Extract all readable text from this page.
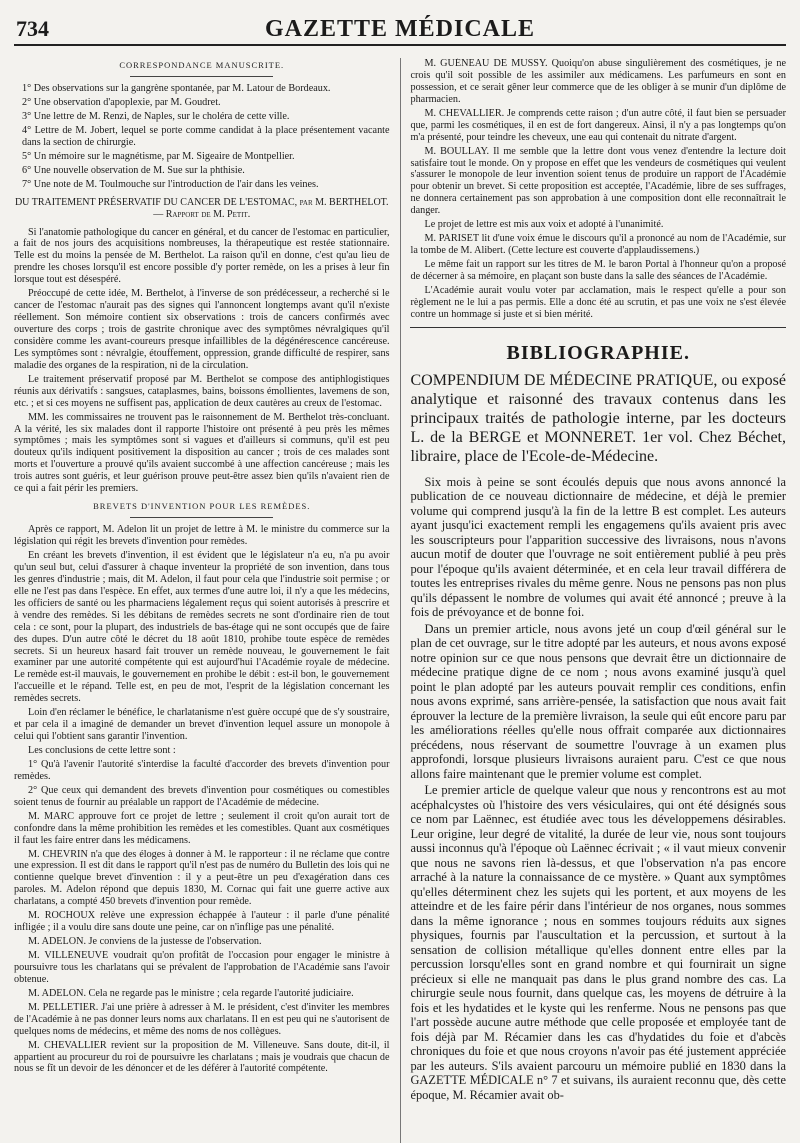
734	GAZETTE MÉDICALE
CORRESPONDANCE MANUSCRITE.

1° Des observations sur la gangrène spontanée, par M. Latour de Bordeaux.

2° Une observation d'apoplexie, par M. Goudret.

3° Une lettre de M. Renzi, de Naples, sur le choléra de cette ville.

4° Lettre de M. Jobert, lequel se porte comme candidat à la place présentement vacante dans la section de chirurgie.

5° Un mémoire sur le magnétisme, par M. Sigeaire de Montpellier.

6° Une nouvelle observation de M. Sue sur la phthisie.

7° Une note de M. Toulmouche sur l'introduction de l'air dans les veines.

DU TRAITEMENT PRÉSERVATIF DU CANCER DE L'ESTOMAC, par M. BERTHELOT. — Rapport de M. Petit.

Si l'anatomie pathologique du cancer en général, et du cancer de l'estomac en particulier, a fait de nos jours des acquisitions nombreuses, la thérapeutique est restée stationnaire. Telle est du moins la pensée de M. Berthelot. La raison qu'il en donne, c'est qu'au lieu de prendre les choses lorsqu'il est encore possible d'y porter remède, on les a prises à leur fin lorsque tout est désespéré.

Préoccupé de cette idée, M. Berthelot, à l'inverse de son prédécesseur, a recherché si le cancer de l'estomac n'aurait pas des signes qui l'annoncent longtemps avant qu'il n'existe réellement. Son mémoire contient six observations : trois de cancers confirmés avec ouverture des corps ; trois de gastrite chronique avec des symptômes névralgiques qu'il considère comme les avant-coureurs presque infaillibles de la dégénérescence cancéreuse. Les symptômes sont : névralgie, étouffement, oppression, grande difficulté de respirer, sans maladie des organes de la respiration, ni de la circulation.

Le traitement préservatif proposé par M. Berthelot se compose des antiphlogistiques réunis aux dérivatifs : sangsues, cataplasmes, bains, boissons émollientes, lavemens de son, etc. ; et si ces moyens ne suffisent pas, application de deux cautères au creux de l'estomac.

MM. les commissaires ne trouvent pas le raisonnement de M. Berthelot très-concluant. A la vérité, les six malades dont il rapporte l'histoire ont présenté à peu près les mêmes symptômes ; mais les symptômes sont si vagues et d'ailleurs si communs, qu'il est peu douteux qu'ils indiquent positivement la disposition au cancer ; trois de ces malades sont morts et l'ouverture a prouvé qu'ils avaient succombé à une affection cancéreuse ; mais les trois autres sont guéris, et leur guérison prouve peut-être assez bien qu'ils n'avaient rien de ce qui a fait périr les premiers.

BREVETS D'INVENTION POUR LES REMÈDES.

Après ce rapport, M. Adelon lit un projet de lettre à M. le ministre du commerce sur la législation qui régit les brevets d'invention pour remèdes.

En créant les brevets d'invention, il est évident que le législateur n'a eu, n'a pu avoir qu'un seul but, celui d'assurer à chaque inventeur la propriété de son invention, dans tous les genres d'industrie ; mais, dit M. Adelon, il faut pour cela que l'industrie soit permise ; or elle ne l'est pas dans l'espèce. En effet, aux termes d'une autre loi, il n'y a que les médecins, les officiers de santé ou les pharmaciens légalement reçus qui soient autorisés à prescrire et à vendre des remèdes. Si les débitans de remèdes secrets ne sont d'ordinaire rien de tout cela : ce sont, pour la plupart, des industriels de bas-étage qui ne sont occupés que de faire des dupes. D'un autre côté le décret du 18 août 1810, prohibe toute espèce de remèdes secrets. Si un heureux hasard fait trouver un remède nouveau, le gouvernement le fait examiner par une autorité compétente qui est aujourd'hui l'Académie royale de médecine. Le remède est-il mauvais, le gouvernement en prohibe le débit : est-il bon, le gouvernement l'accueille et le répand. Telle est, en peu de mot, l'esprit de la législation concernant les remèdes secrets.

Loin d'en réclamer le bénéfice, le charlatanisme n'est guère occupé que de s'y soustraire, et par cela il a imaginé de demander un brevet d'invention lequel assure un monopole à celui qui l'obtient sans garantir l'invention.

Les conclusions de cette lettre sont :

1° Qu'à l'avenir l'autorité s'interdise la faculté d'accorder des brevets d'invention pour remèdes.

2° Que ceux qui demandent des brevets d'invention pour cosmétiques ou comestibles soient tenus de fournir au préalable un rapport de l'Académie de médecine.

M. MARC approuve fort ce projet de lettre ; seulement il croit qu'on aurait tort de confondre dans la même prohibition les remèdes et les comestibles. Quant aux cosmétiques il faut les faire entrer dans les médicamens.

M. CHEVRIN n'a que des éloges à donner à M. le rapporteur : il ne réclame que contre une expression. Il est dit dans le rapport qu'il n'est pas de numéro du Bulletin des lois qui ne contienne quelque brevet d'invention : il y a peut-être un peu d'exagération dans ces paroles. M. Adelon répond que depuis 1830, M. Cornac qui fait une guerre active aux charlatans, a compté 450 brevets d'invention pour remède.

M. ROCHOUX relève une expression échappée à l'auteur : il parle d'une pénalité infligée ; il a voulu dire sans doute une peine, car on n'inflige pas une pénalité.

M. ADELON. Je conviens de la justesse de l'observation.

M. VILLENEUVE voudrait qu'on profitât de l'occasion pour engager le ministre à poursuivre tous les charlatans qui se prévalent de l'approbation de l'Académie sans l'avoir obtenue.

M. ADELON. Cela ne regarde pas le ministre ; cela regarde l'autorité judiciaire.

M. PELLETIER. J'ai une prière à adresser à M. le président, c'est d'inviter les membres de l'Académie à ne pas donner leurs noms aux charlatans. Il en est peu qui ne s'autorisent de quelques noms de médecins, et même des noms de nos collègues.

M. CHEVALLIER revient sur la proposition de M. Villeneuve. Sans doute, dit-il, il appartient au procureur du roi de poursuivre les charlatans ; mais je voudrais que chacun de nous se fît un devoir de les dénoncer et de les déférer à l'autorité compétente.

M. GUÉNEAU DE MUSSY. Quoiqu'on abuse singulièrement des cosmétiques, je ne crois qu'il soit possible de les assimiler aux médicamens. Les parfumeurs en sont en possession, et ce serait gêner leur commerce que de les obliger à se munir d'un diplôme de pharmacien.

M. CHEVALLIER. Je comprends cette raison ; d'un autre côté, il faut bien se persuader que, parmi les cosmétiques, il en est de fort dangereux. Ainsi, il n'y a pas longtemps qu'on m'a présenté, pour teindre les cheveux, une eau qui contenait du nitrate d'argent.

M. BOULLAY. Il me semble que la lettre dont vous venez d'entendre la lecture doit satisfaire tout le monde. On y propose en effet que les vendeurs de cosmétiques qui veulent s'assurer le monopole de leur invention soient tenus de produire un rapport de l'Académie pour obtenir un brevet. Si cette proposition est acceptée, l'Académie, libre de ses suffrages, ne donnera certainement pas son approbation à une composition dont elle reconnaîtrait le danger.

Le projet de lettre est mis aux voix et adopté à l'unanimité.

M. PARISET lit d'une voix émue le discours qu'il a prononcé au nom de l'Académie, sur la tombe de M. Alibert. (Cette lecture est couverte d'applaudissemens.)

Le même fait un rapport sur les titres de M. le baron Portal à l'honneur qu'on a proposé de décerner à sa mémoire, en plaçant son buste dans la salle des séances de l'Académie.

L'Académie aurait voulu voter par acclamation, mais le respect qu'elle a pour son règlement ne le lui a pas permis. Elle a donc été au scrutin, et pas une voix ne s'est élevée contre un hommage si juste et si bien mérité.

BIBLIOGRAPHIE.
COMPENDIUM DE MÉDECINE PRATIQUE, ou exposé analytique et raisonné des travaux contenus dans les principaux traités de pathologie interne, par les docteurs L. de la BERGE et MONNERET. 1er vol. Chez Béchet, libraire, place de l'Ecole-de-Médecine.

Six mois à peine se sont écoulés depuis que nous avons annoncé la publication de ce nouveau dictionnaire de médecine, et déjà le premier volume qui comprend jusqu'à la fin de la lettre B est complet. Les auteurs ayant jusqu'ici exactement rempli les engagemens qu'ils avaient pris avec les souscripteurs pour l'apparition successive des livraisons, nous n'avons aucun motif de douter que l'ouvrage ne soit entièrement publié à peu près pour l'époque qu'ils avaient déterminée, et en cela leur travail différera de toutes les entreprises rivales du même genre. Nous ne pensons pas non plus qu'ils dépassent le nombre de volumes qui avait été annoncé ; preuve à la fois de prévoyance et de bonne foi.

Dans un premier article, nous avons jeté un coup d'œil général sur le plan de cet ouvrage, sur le titre adopté par les auteurs, et nous avons exposé notre opinion sur ce que nous pensons que devrait être un dictionnaire de médecine pratique digne de ce nom ; nous avons examiné jusqu'à quel point le plan adopté par les auteurs pouvait remplir ces conditions, enfin nous avons exprimé, sans arrière-pensée, la satisfaction que nous avait fait éprouver la lecture de la première livraison, la seule qui eût encore paru par les améliorations réelles qu'elle nous offrait comparée aux dictionnaires précédens, nous réservant de soumettre l'ouvrage à un examen plus approfondi, lorsque plusieurs livraisons auraient paru. C'est ce que nous allons faire maintenant que le premier volume est complet.

Le premier article de quelque valeur que nous y rencontrons est au mot acéphalcystes où l'histoire des vers vésiculaires, qui ont été désignés sous ce nom par Laënnec, est étudiée avec tous les développemens désirables. Leur origine, leur degré de vitalité, la durée de leur vie, nous sont toujours aussi inconnus qu'à l'époque où Laënnec écrivait ; « il vaut mieux convenir que nous ne savons rien là-dessus, et que l'observation n'a pas encore arraché à la nature la connaissance de ce mystère. » Quant aux symptômes qu'elles déterminent chez les sujets qui les portent, et aux moyens de les atteindre et de les faire périr dans l'intérieur de nos organes, nous sommes dans la même ignorance ; nous en sommes toujours réduits aux signes physiques, fournis par l'auscultation et la percussion, et surtout à la sensation de collision métallique qu'elles donnent entre elles par la percussion lorsqu'elles sont en grand nombre et qui fournirait un signe précieux si elle ne manquait pas dans le plus grand nombre des cas. La chirurgie seule nous fournit, dans quelque cas, les moyens de détruire à la fois et les hydatides et le kyste qui les renferme. Nous ne pensons pas que l'art possède aucune autre méthode que celle proposée et employée tant de fois déjà par M. Récamier dans les cas d'hydatides du foie et d'abcès chroniques du foie et que nous croyons n'avoir pas été justement appréciée par les auteurs. S'ils avaient parcouru un mémoire publié en 1830 dans la GAZETTE MÉDICALE n° 7 et suivans, ils auraient reconnu que, dès cette époque, M. Récamier avait ob-
